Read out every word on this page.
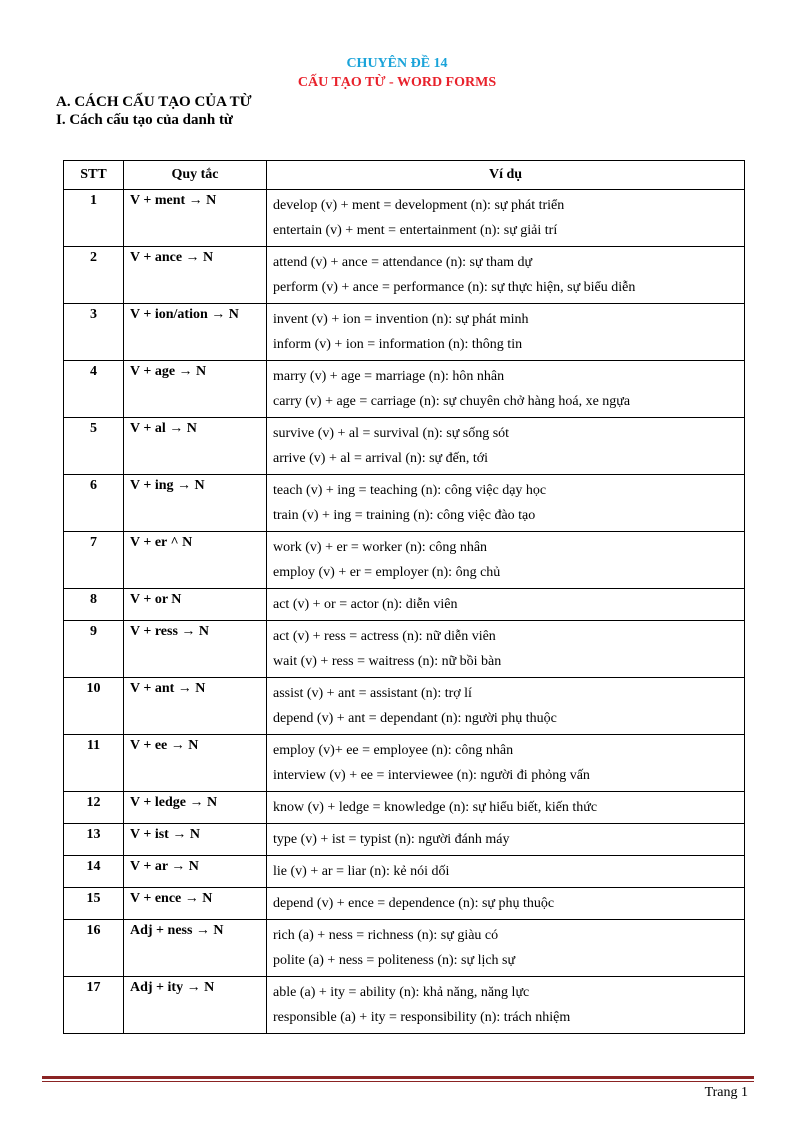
CHUYÊN ĐỀ 14
CẤU TẠO TỪ - WORD FORMS
A. CÁCH CẤU TẠO CỦA TỪ
I. Cách cấu tạo của danh từ
STT	Quy tắc	Ví dụ
1	V + ment → N	develop (v) + ment = development (n): sự phát triển
entertain (v) + ment = entertainment (n): sự giải trí

2	V + ance → N	attend (v) + ance = attendance (n): sự tham dự
perform (v) + ance = performance (n): sự thực hiện, sự biểu diễn

3	V + ion/ation → N	invent (v) + ion = invention (n): sự phát minh
inform (v) + ion = information (n): thông tin

4	V + age → N	marry (v) + age = marriage (n): hôn nhân
carry (v) + age = carriage (n): sự chuyên chở hàng hoá, xe ngựa

5	V + al → N	survive (v) + al = survival (n): sự sống sót
arrive (v) + al = arrival (n): sự đến, tới

6	V + ing → N	teach (v) + ing = teaching (n): công việc dạy học
train (v) + ing = training (n): công việc đào tạo

7	V + er ^ N	work (v) + er = worker (n): công nhân
employ (v) + er = employer (n): ông chủ

8	V + or N	act (v) + or = actor (n): diễn viên

9	V + ress → N	act (v) + ress = actress (n): nữ diễn viên
wait (v) + ress = waitress (n): nữ bồi bàn

10	V + ant → N	assist (v) + ant = assistant (n): trợ lí
depend (v) + ant = dependant (n): người phụ thuộc

11	V + ee → N	employ (v)+ ee = employee (n): công nhân
interview (v) + ee = interviewee (n): người đi phỏng vấn

12	V + ledge → N	know (v) + ledge = knowledge (n): sự hiểu biết, kiến thức

13	V + ist → N	type (v) + ist = typist (n): người đánh máy

14	V + ar → N	lie (v) + ar = liar (n): kẻ nói dối

15	V + ence → N	depend (v) + ence = dependence (n): sự phụ thuộc

16	Adj + ness → N	rich (a) + ness = richness (n): sự giàu có
polite (a) + ness = politeness (n): sự lịch sự

17	Adj + ity → N	able (a) + ity = ability (n): khả năng, năng lực
responsible (a) + ity = responsibility (n): trách nhiệm
Trang 1
